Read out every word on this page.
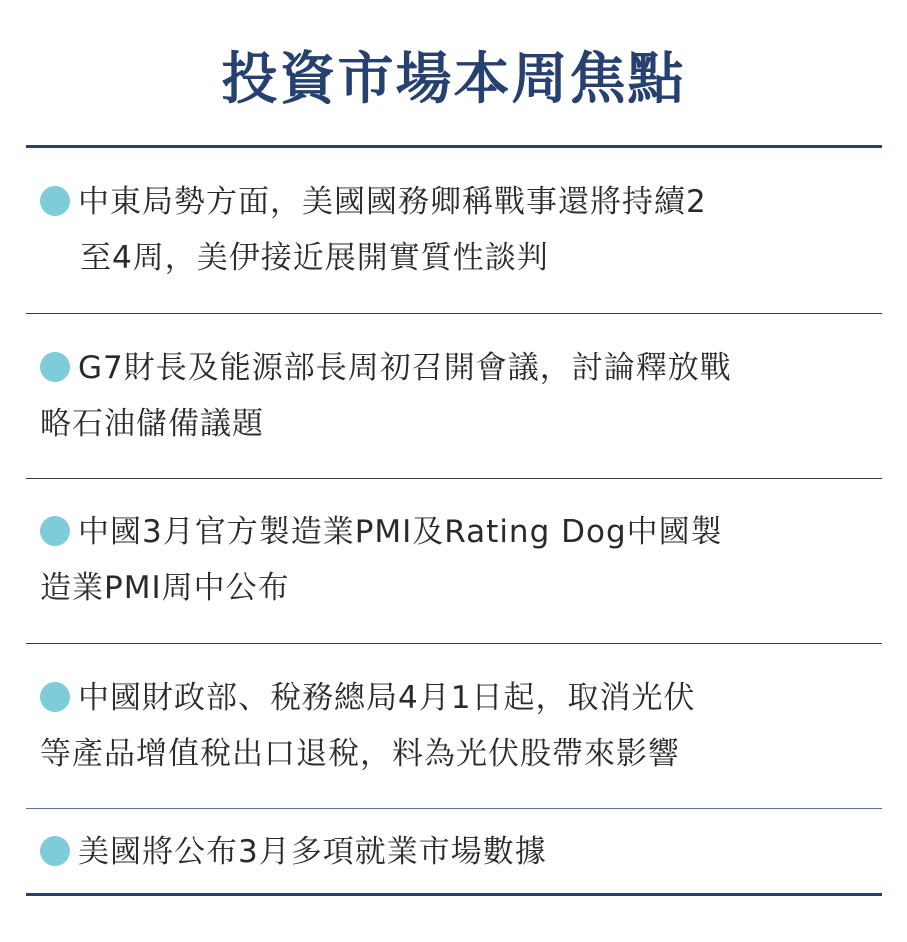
投資市場本周焦點
中東局勢方面，美國國務卿稱戰事還將持續2
至4周，美伊接近展開實質性談判
G7財長及能源部長周初召開會議，討論釋放戰
略石油儲備議題
中國3月官方製造業PMI及Rating Dog中國製
造業PMI周中公布
中國財政部、稅務總局4月1日起，取消光伏
等產品增值稅出口退稅，料為光伏股帶來影響
美國將公布3月多項就業市場數據
